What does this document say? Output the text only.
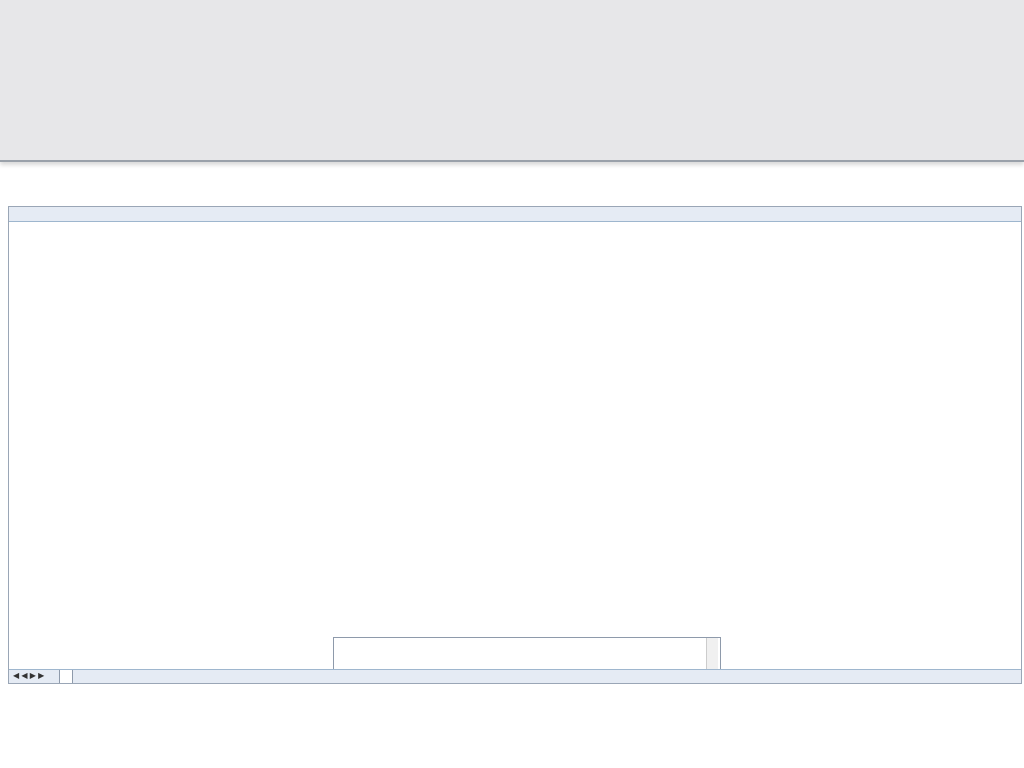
◀ ◀ ▶ ▶
